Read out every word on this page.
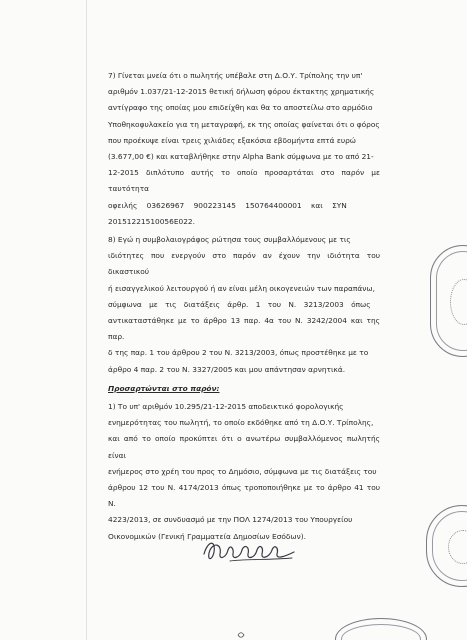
7) Γίνεται μνεία ότι ο πωλητής υπέβαλε στη Δ.Ο.Υ. Τρίπολης την υπ'

αριθμόν 1.037/21-12-2015 θετική δήλωση φόρου έκτακτης χρηματικής

αντίγραφο της οποίας μου επιδείχθη και θα το αποστείλω στο αρμόδιο

Υποθηκοφυλακείο για τη μεταγραφή, εκ της οποίας φαίνεται ότι ο φόρος

που προέκυψε είναι τρεις χιλιάδες εξακόσια εβδομήντα επτά ευρώ

(3.677,00 €) και καταβλήθηκε στην Alpha Bank σύμφωνα με το από 21-

12-2015 διπλότυπο αυτής το οποίο προσαρτάται στο παρόν με ταυτότητα

οφειλής 03626967 900223145 150764400001 και ΣΥΝ

20151221510056E022.

8) Εγώ η συμβολαιογράφος ρώτησα τους συμβαλλόμενους με τις

ιδιότητες που ενεργούν στο παρόν αν έχουν την ιδιότητα του δικαστικού

ή εισαγγελικού λειτουργού ή αν είναι μέλη οικογενειών των παραπάνω,

σύμφωνα με τις διατάξεις άρθρ. 1 του Ν. 3213/2003 όπως

αντικαταστάθηκε με το άρθρο 13 παρ. 4α του Ν. 3242/2004 και της παρ.

δ της παρ. 1 του άρθρου 2 του Ν. 3213/2003, όπως προστέθηκε με το

άρθρο 4 παρ. 2 του Ν. 3327/2005 και μου απάντησαν αρνητικά.

Προσαρτώνται στο παρόν:

1) Το υπ' αριθμόν 10.295/21-12-2015 αποδεικτικό φορολογικής

ενημερότητας του πωλητή, το οποίο εκδόθηκε από τη Δ.Ο.Υ. Τρίπολης,

και από το οποίο προκύπτει ότι ο ανωτέρω συμβαλλόμενος πωλητής είναι

ενήμερος στο χρέη του προς το Δημόσιο, σύμφωνα με τις διατάξεις του

άρθρου 12 του Ν. 4174/2013 όπως τροποποιήθηκε με το άρθρο 41 του Ν.

4223/2013, σε συνδυασμό με την ΠΟΛ 1274/2013 του Υπουργείου

Οικονομικών (Γενική Γραμματεία Δημοσίων Εσόδων).
